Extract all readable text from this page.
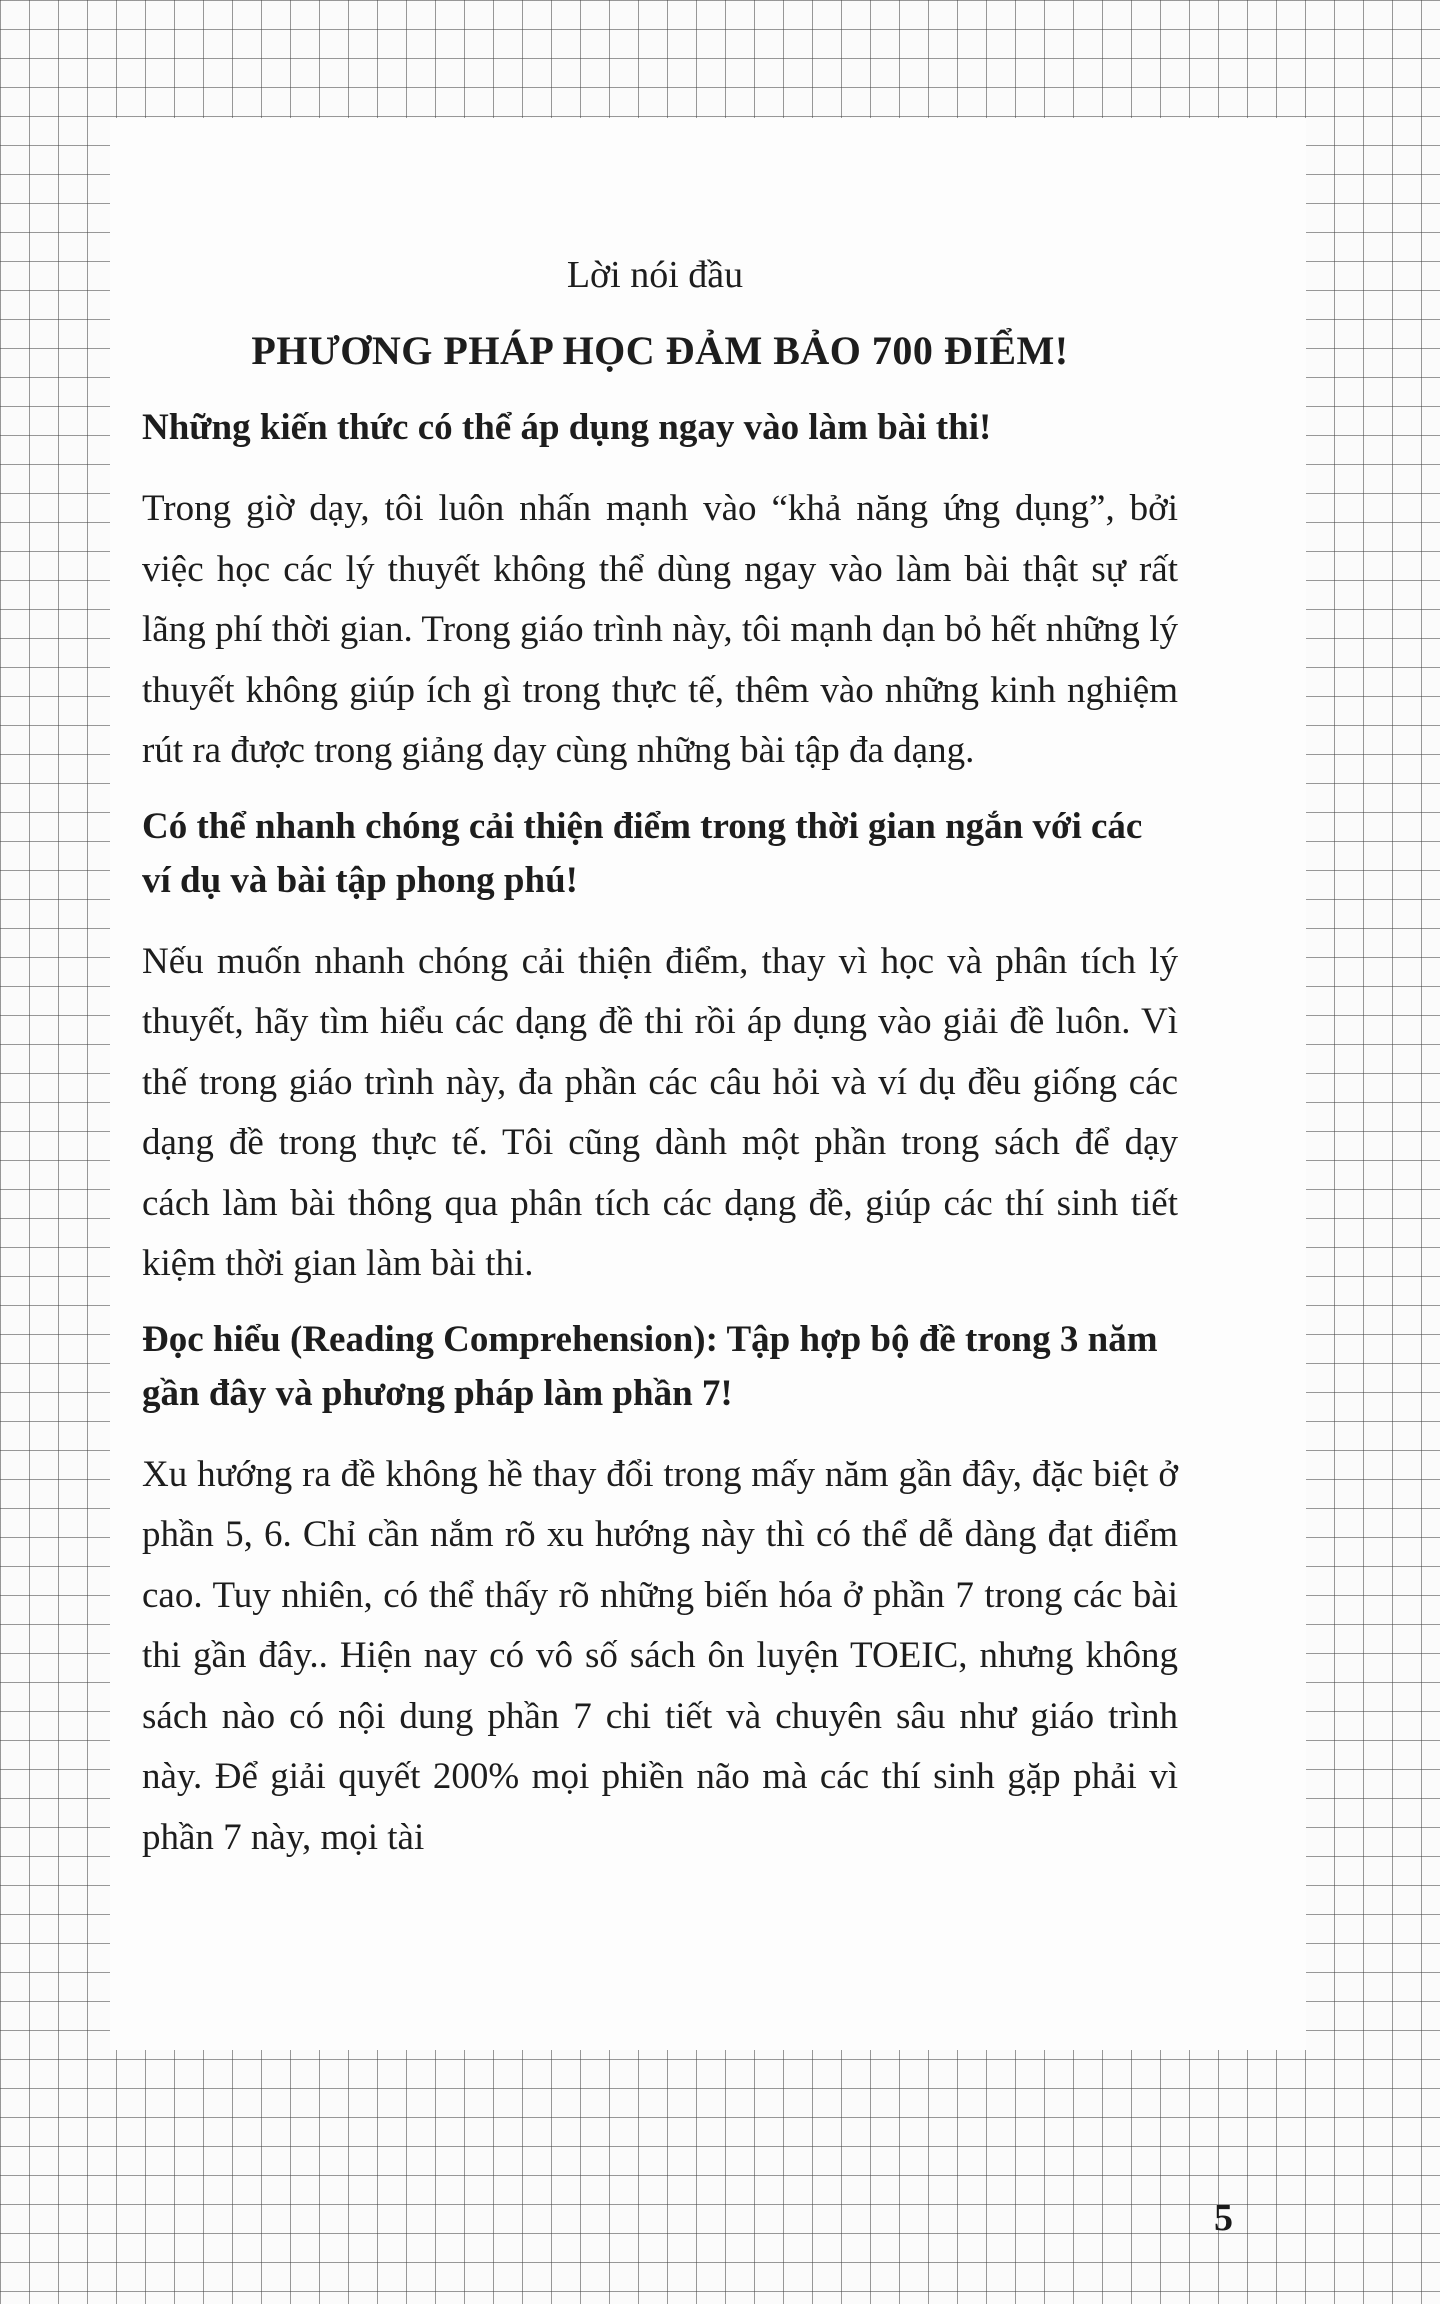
Lời nói đầu

PHƯƠNG PHÁP HỌC ĐẢM BẢO 700 ĐIỂM!

Những kiến thức có thể áp dụng ngay vào làm bài thi!

Trong giờ dạy, tôi luôn nhấn mạnh vào “khả năng ứng dụng”, bởi việc học các lý thuyết không thể dùng ngay vào làm bài thật sự rất lãng phí thời gian. Trong giáo trình này, tôi mạnh dạn bỏ hết những lý thuyết không giúp ích gì trong thực tế, thêm vào những kinh nghiệm rút ra được trong giảng dạy cùng những bài tập đa dạng.

Có thể nhanh chóng cải thiện điểm trong thời gian ngắn với các ví dụ và bài tập phong phú!

Nếu muốn nhanh chóng cải thiện điểm, thay vì học và phân tích lý thuyết, hãy tìm hiểu các dạng đề thi rồi áp dụng vào giải đề luôn. Vì thế trong giáo trình này, đa phần các câu hỏi và ví dụ đều giống các dạng đề trong thực tế. Tôi cũng dành một phần trong sách để dạy cách làm bài thông qua phân tích các dạng đề, giúp các thí sinh tiết kiệm thời gian làm bài thi.

Đọc hiểu (Reading Comprehension): Tập hợp bộ đề trong 3 năm gần đây và phương pháp làm phần 7!

Xu hướng ra đề không hề thay đổi trong mấy năm gần đây, đặc biệt ở phần 5, 6. Chỉ cần nắm rõ xu hướng này thì có thể dễ dàng đạt điểm cao. Tuy nhiên, có thể thấy rõ những biến hóa ở phần 7 trong các bài thi gần đây.. Hiện nay có vô số sách ôn luyện TOEIC, nhưng không sách nào có nội dung phần 7 chi tiết và chuyên sâu như giáo trình này. Để giải quyết 200% mọi phiền não mà các thí sinh gặp phải vì phần 7 này, mọi tài

5
